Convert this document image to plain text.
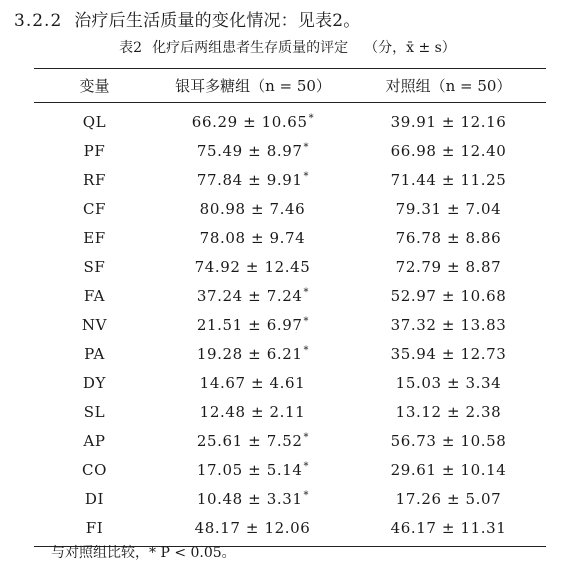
3.2.2 治疗后生活质量的变化情况：见表2。
表2 化疗后两组患者生存质量的评定 （分，x̄ ± s）
变量	银耳多糖组（n = 50）	对照组（n = 50）
QL	66.29 ± 10.65*	39.91 ± 12.16
PF	75.49 ± 8.97*	66.98 ± 12.40
RF	77.84 ± 9.91*	71.44 ± 11.25
CF	80.98 ± 7.46	79.31 ± 7.04
EF	78.08 ± 9.74	76.78 ± 8.86
SF	74.92 ± 12.45	72.79 ± 8.87
FA	37.24 ± 7.24*	52.97 ± 10.68
NV	21.51 ± 6.97*	37.32 ± 13.83
PA	19.28 ± 6.21*	35.94 ± 12.73
DY	14.67 ± 4.61	15.03 ± 3.34
SL	12.48 ± 2.11	13.12 ± 2.38
AP	25.61 ± 7.52*	56.73 ± 10.58
CO	17.05 ± 5.14*	29.61 ± 10.14
DI	10.48 ± 3.31*	17.26 ± 5.07
FI	48.17 ± 12.06	46.17 ± 11.31
与对照组比较，* P < 0.05。
